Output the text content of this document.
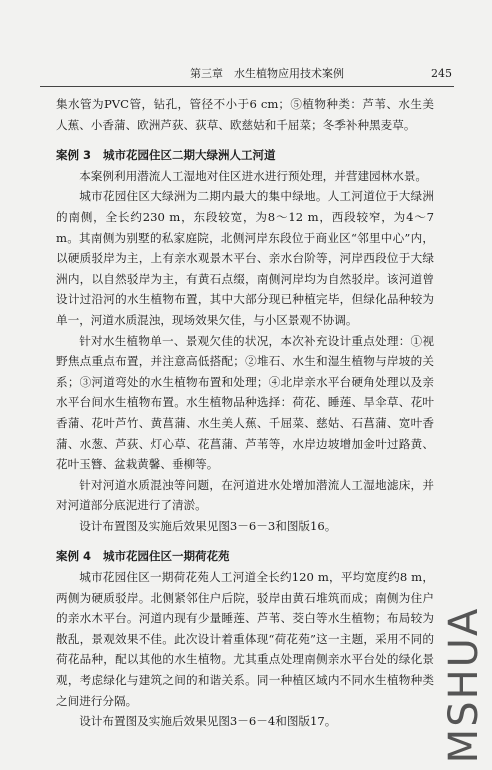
第三章　水生植物应用技术案例	245

集水管为PVC管，钻孔，管径不小于6 cm；⑤植物种类：芦苇、水生美人蕉、小香蒲、欧洲芦荻、荻草、欧慈姑和千屈菜；冬季补种黑麦草。

案例 3 城市花园住区二期大绿洲人工河道

本案例利用潜流人工湿地对住区进水进行预处理，并营建园林水景。

城市花园住区大绿洲为二期内最大的集中绿地。人工河道位于大绿洲的南侧，全长约230 m，东段较宽，为8～12 m，西段较窄，为4～7 m。其南侧为别墅的私家庭院，北侧河岸东段位于商业区“邻里中心”内，以硬质驳岸为主，上有亲水观景木平台、亲水台阶等，河岸西段位于大绿洲内，以自然驳岸为主，有黄石点缀，南侧河岸均为自然驳岸。该河道曾设计过沿河的水生植物布置，其中大部分现已种植完毕，但绿化品种较为单一，河道水质混浊，现场效果欠佳，与小区景观不协调。

针对水生植物单一、景观欠佳的状况，本次补充设计重点处理：①视野焦点重点布置，并注意高低搭配；②堆石、水生和湿生植物与岸坡的关系；③河道弯处的水生植物布置和处理；④北岸亲水平台硬角处理以及亲水平台间水生植物布置。水生植物品种选择：荷花、睡莲、旱伞草、花叶香蒲、花叶芦竹、黄菖蒲、水生美人蕉、千屈菜、慈姑、石菖蒲、宽叶香蒲、水葱、芦荻、灯心草、花菖蒲、芦苇等，水岸边坡增加金叶过路黄、花叶玉簪、盆栽黄馨、垂柳等。

针对河道水质混浊等问题，在河道进水处增加潜流人工湿地滤床，并对河道部分底泥进行了清淤。

设计布置图及实施后效果见图3－6－3和图版16。

案例 4 城市花园住区一期荷花苑

城市花园住区一期荷花苑人工河道全长约120 m，平均宽度约8 m，两侧为硬质驳岸。北侧紧邻住户后院，驳岸由黄石堆筑而成；南侧为住户的亲水木平台。河道内现有少量睡莲、芦苇、茭白等水生植物；布局较为散乱，景观效果不佳。此次设计着重体现“荷花苑”这一主题，采用不同的荷花品种，配以其他的水生植物。尤其重点处理南侧亲水平台处的绿化景观，考虑绿化与建筑之间的和谐关系。同一种植区域内不同水生植物种类之间进行分隔。

设计布置图及实施后效果见图3－6－4和图版17。	MSHUA
